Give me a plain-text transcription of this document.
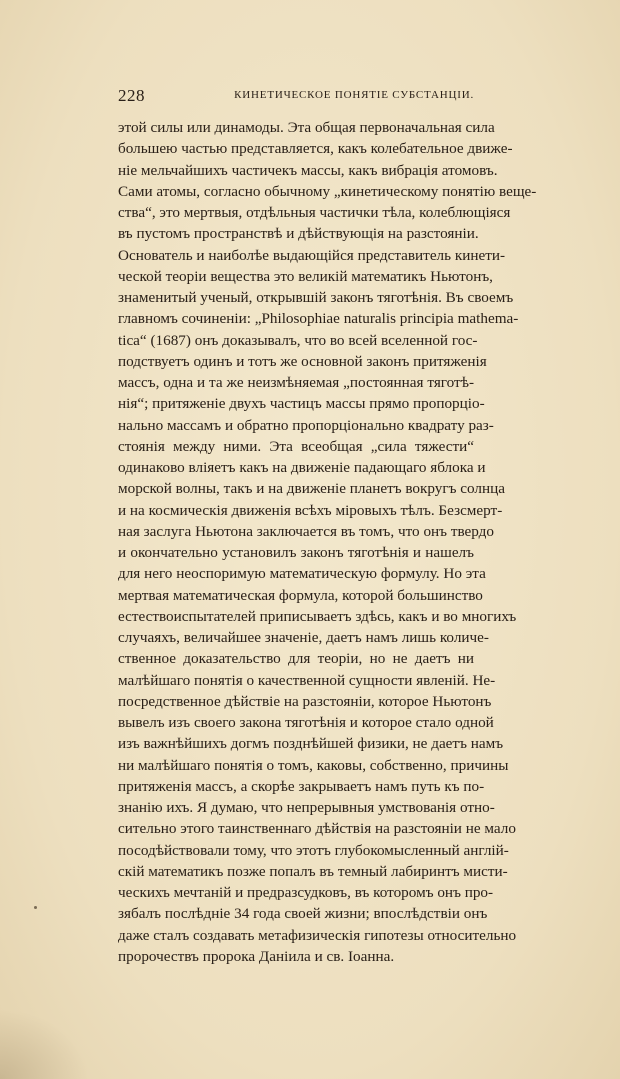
228	КИНЕТИЧЕСКОЕ ПОНЯТІЕ СУБСТАНЦІИ.
этой силы или динамоды. Эта общая первоначальная сила
большею частью представляется, какъ колебательное движе-
ніе мельчайшихъ частичекъ массы, какъ вибрація атомовъ.
Сами атомы, согласно обычному „кинетическому понятію веще-
ства“, это мертвыя, отдѣльныя частички тѣла, колеблющіяся
въ пустомъ пространствѣ и дѣйствующія на разстояніи.
Основатель и наиболѣе выдающійся представитель кинети-
ческой теоріи вещества это великій математикъ Ньютонъ,
знаменитый ученый, открывшій законъ тяготѣнія. Въ своемъ
главномъ сочиненіи: „Philosophiae naturalis principia mathema-
tica“ (1687) онъ доказывалъ, что во всей вселенной гос-
подствуетъ одинъ и тотъ же основной законъ притяженія
массъ, одна и та же неизмѣняемая „постоянная тяготѣ-
нія“; притяженіе двухъ частицъ массы прямо пропорціо-
нально массамъ и обратно пропорціонально квадрату раз-
стоянія между ними. Эта всеобщая „сила тяжести“
одинаково вліяетъ какъ на движеніе падающаго яблока и
морской волны, такъ и на движеніе планетъ вокругъ солнца
и на космическія движенія всѣхъ міровыхъ тѣлъ. Безсмерт-
ная заслуга Ньютона заключается въ томъ, что онъ твердо
и окончательно установилъ законъ тяготѣнія и нашелъ
для него неоспоримую математическую формулу. Но эта
мертвая математическая формула, которой большинство
естествоиспытателей приписываетъ здѣсь, какъ и во многихъ
случаяхъ, величайшее значеніе, даетъ намъ лишь количе-
ственное доказательство для теоріи, но не даетъ ни
малѣйшаго понятія о качественной сущности явленій. Не-
посредственное дѣйствіе на разстояніи, которое Ньютонъ
вывелъ изъ своего закона тяготѣнія и которое стало одной
изъ важнѣйшихъ догмъ позднѣйшей физики, не даетъ намъ
ни малѣйшаго понятія о томъ, каковы, собственно, причины
притяженія массъ, а скорѣе закрываетъ намъ путь къ по-
знанію ихъ. Я думаю, что непрерывныя умствованія отно-
сительно этого таинственнаго дѣйствія на разстояніи не мало
посодѣйствовали тому, что этотъ глубокомысленный англій-
скій математикъ позже попалъ въ темный лабиринтъ мисти-
ческихъ мечтаній и предразсудковъ, въ которомъ онъ про-
зябалъ послѣдніе 34 года своей жизни; впослѣдствіи онъ
даже сталъ создавать метафизическія гипотезы относительно
пророчествъ пророка Даніила и св. Іоанна.
